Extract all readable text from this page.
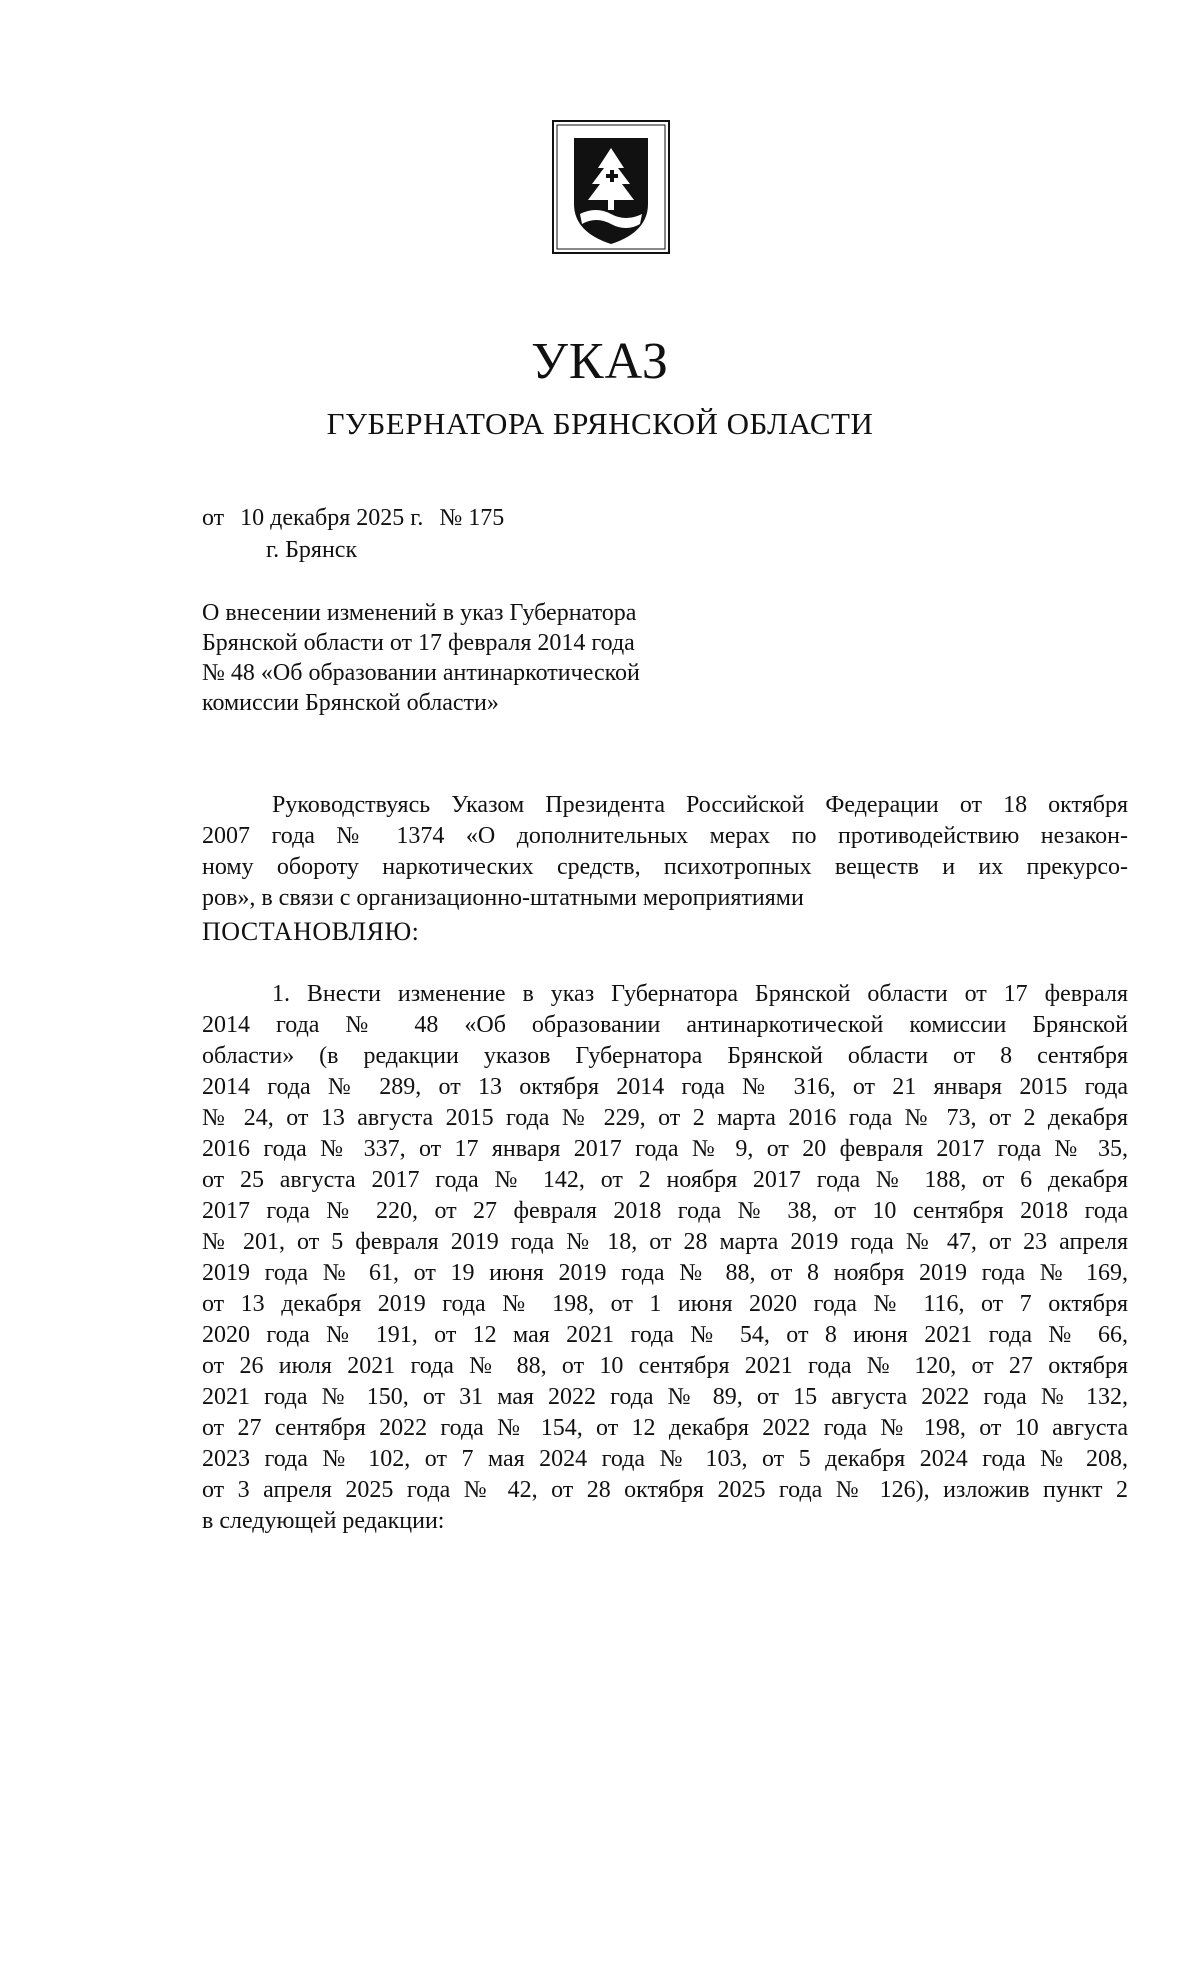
УКАЗ
ГУБЕРНАТОРА БРЯНСКОЙ ОБЛАСТИ
от 10 декабря 2025 г. № 175
г. Брянск
О внесении изменений в указ Губернатора
Брянской области от 17 февраля 2014 года
№ 48 «Об образовании антинаркотической
комиссии Брянской области»
Руководствуясь Указом Президента Российской Федерации от 18 октября
2007 года № 1374 «О дополнительных мерах по противодействию незакон-
ному обороту наркотических средств, психотропных веществ и их прекурсо-
ров», в связи с организационно-штатными мероприятиями
ПОСТАНОВЛЯЮ:
1. Внести изменение в указ Губернатора Брянской области от 17 февраля
2014 года № 48 «Об образовании антинаркотической комиссии Брянской
области» (в редакции указов Губернатора Брянской области от 8 сентября
2014 года № 289, от 13 октября 2014 года № 316, от 21 января 2015 года
№ 24, от 13 августа 2015 года № 229, от 2 марта 2016 года № 73, от 2 декабря
2016 года № 337, от 17 января 2017 года № 9, от 20 февраля 2017 года № 35,
от 25 августа 2017 года № 142, от 2 ноября 2017 года № 188, от 6 декабря
2017 года № 220, от 27 февраля 2018 года № 38, от 10 сентября 2018 года
№ 201, от 5 февраля 2019 года № 18, от 28 марта 2019 года № 47, от 23 апреля
2019 года № 61, от 19 июня 2019 года № 88, от 8 ноября 2019 года № 169,
от 13 декабря 2019 года № 198, от 1 июня 2020 года № 116, от 7 октября
2020 года № 191, от 12 мая 2021 года № 54, от 8 июня 2021 года № 66,
от 26 июля 2021 года № 88, от 10 сентября 2021 года № 120, от 27 октября
2021 года № 150, от 31 мая 2022 года № 89, от 15 августа 2022 года № 132,
от 27 сентября 2022 года № 154, от 12 декабря 2022 года № 198, от 10 августа
2023 года № 102, от 7 мая 2024 года № 103, от 5 декабря 2024 года № 208,
от 3 апреля 2025 года № 42, от 28 октября 2025 года № 126), изложив пункт 2
в следующей редакции:
